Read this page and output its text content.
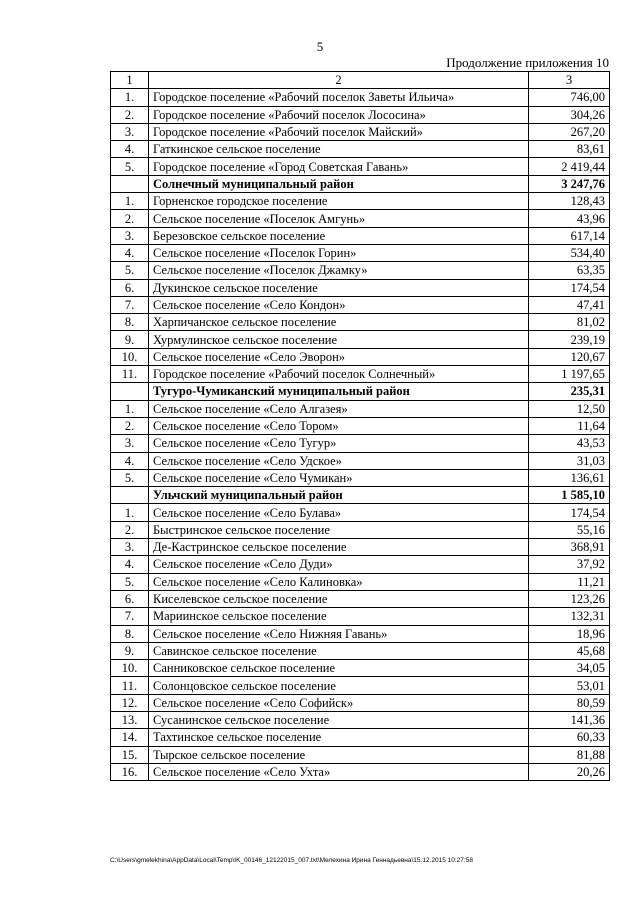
5
Продолжение приложения 10
1	2	3
1.	Городское поселение «Рабочий поселок Заветы Ильича»	746,00
2.	Городское поселение «Рабочий поселок Лососина»	304,26
3.	Городское поселение «Рабочий поселок Майский»	267,20
4.	Гаткинское сельское поселение	83,61
5.	Городское поселение «Город Советская Гавань»	2 419,44
	Солнечный муниципальный район	3 247,76
1.	Горненское городское поселение	128,43
2.	Сельское поселение «Поселок Амгунь»	43,96
3.	Березовское сельское поселение	617,14
4.	Сельское поселение «Поселок Горин»	534,40
5.	Сельское поселение «Поселок Джамку»	63,35
6.	Дукинское сельское поселение	174,54
7.	Сельское поселение «Село Кондон»	47,41
8.	Харпичанское сельское поселение	81,02
9.	Хурмулинское сельское поселение	239,19
10.	Сельское поселение «Село Эворон»	120,67
11.	Городское поселение «Рабочий поселок Солнечный»	1 197,65
	Тугуро-Чумиканский муниципальный район	235,31
1.	Сельское поселение «Село Алгазея»	12,50
2.	Сельское поселение «Село Тором»	11,64
3.	Сельское поселение «Село Тугур»	43,53
4.	Сельское поселение «Село Удское»	31,03
5.	Сельское поселение «Село Чумикан»	136,61
	Ульчский муниципальный район	1 585,10
1.	Сельское поселение «Село Булава»	174,54
2.	Быстринское сельское поселение	55,16
3.	Де-Кастринское сельское поселение	368,91
4.	Сельское поселение «Село Дуди»	37,92
5.	Сельское поселение «Село Калиновка»	11,21
6.	Киселевское сельское поселение	123,26
7.	Мариинское сельское поселение	132,31
8.	Сельское поселение «Село Нижняя Гавань»	18,96
9.	Савинское сельское поселение	45,68
10.	Санниковское сельское поселение	34,05
11.	Солонцовское сельское поселение	53,01
12.	Сельское поселение «Село Софийск»	80,59
13.	Сусанинское сельское поселение	141,36
14.	Тахтинское сельское поселение	60,33
15.	Тырское сельское поселение	81,88
16.	Сельское поселение «Село Ухта»	20,26
C:\Users\gmelekhina\AppData\Local\Temp\IK_00146_12122015_007.txt\Мелехина Ирина Геннадьевна\15.12.2015 10:27:58
